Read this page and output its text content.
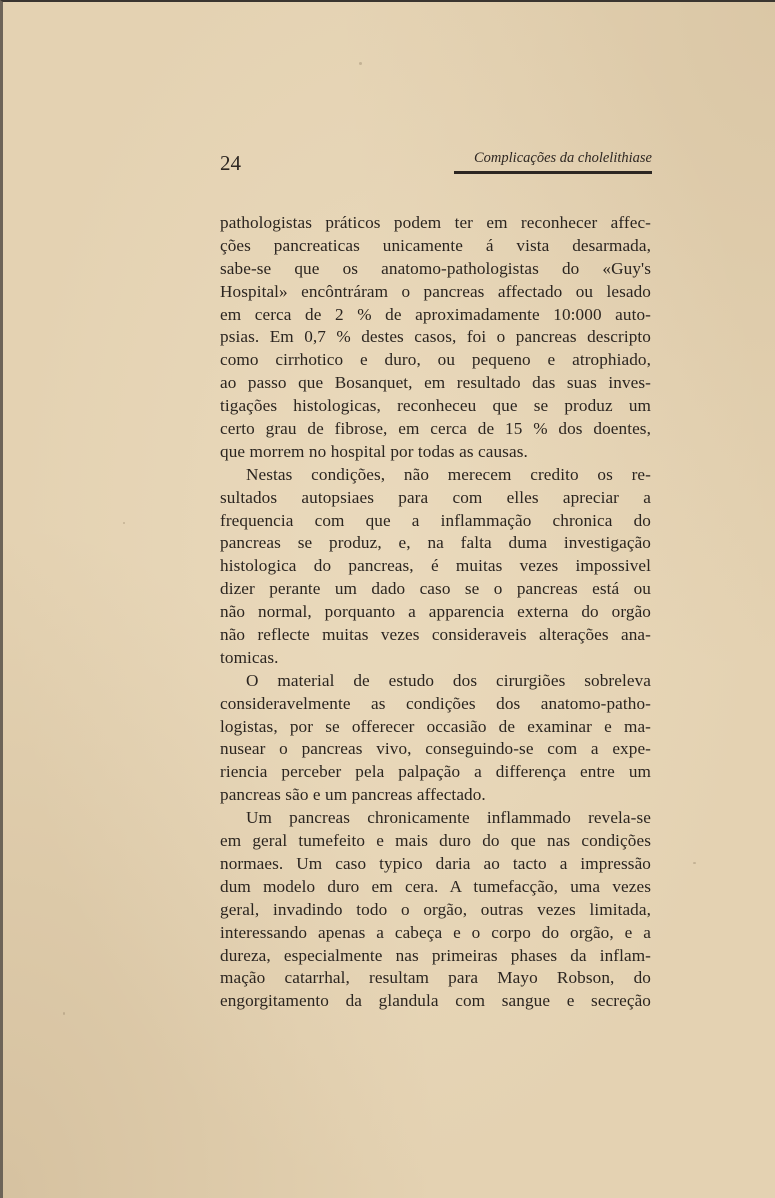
24	Complicações da cholelithiase
pathologistas práticos podem ter em reconhecer affec-
ções pancreaticas unicamente á vista desarmada,
sabe-se que os anatomo-pathologistas do «Guy's
Hospital» encôntráram o pancreas affectado ou lesado
em cerca de 2 % de aproximadamente 10:000 auto-
psias. Em 0,7 % destes casos, foi o pancreas descripto
como cirrhotico e duro, ou pequeno e atrophiado,
ao passo que Bosanquet, em resultado das suas inves-
tigações histologicas, reconheceu que se produz um
certo grau de fibrose, em cerca de 15 % dos doentes,
que morrem no hospital por todas as causas.
Nestas condições, não merecem credito os re-
sultados autopsiaes para com elles apreciar a
frequencia com que a inflammação chronica do
pancreas se produz, e, na falta duma investigação
histologica do pancreas, é muitas vezes impossivel
dizer perante um dado caso se o pancreas está ou
não normal, porquanto a apparencia externa do orgão
não reflecte muitas vezes consideraveis alterações ana-
tomicas.
O material de estudo dos cirurgiões sobreleva
consideravelmente as condições dos anatomo-patho-
logistas, por se offerecer occasião de examinar e ma-
nusear o pancreas vivo, conseguindo-se com a expe-
riencia perceber pela palpação a differença entre um
pancreas são e um pancreas affectado.
Um pancreas chronicamente inflammado revela-se
em geral tumefeito e mais duro do que nas condições
normaes. Um caso typico daria ao tacto a impressão
dum modelo duro em cera. A tumefacção, uma vezes
geral, invadindo todo o orgão, outras vezes limitada,
interessando apenas a cabeça e o corpo do orgão, e a
dureza, especialmente nas primeiras phases da inflam-
mação catarrhal, resultam para Mayo Robson, do
engorgitamento da glandula com sangue e secreção
